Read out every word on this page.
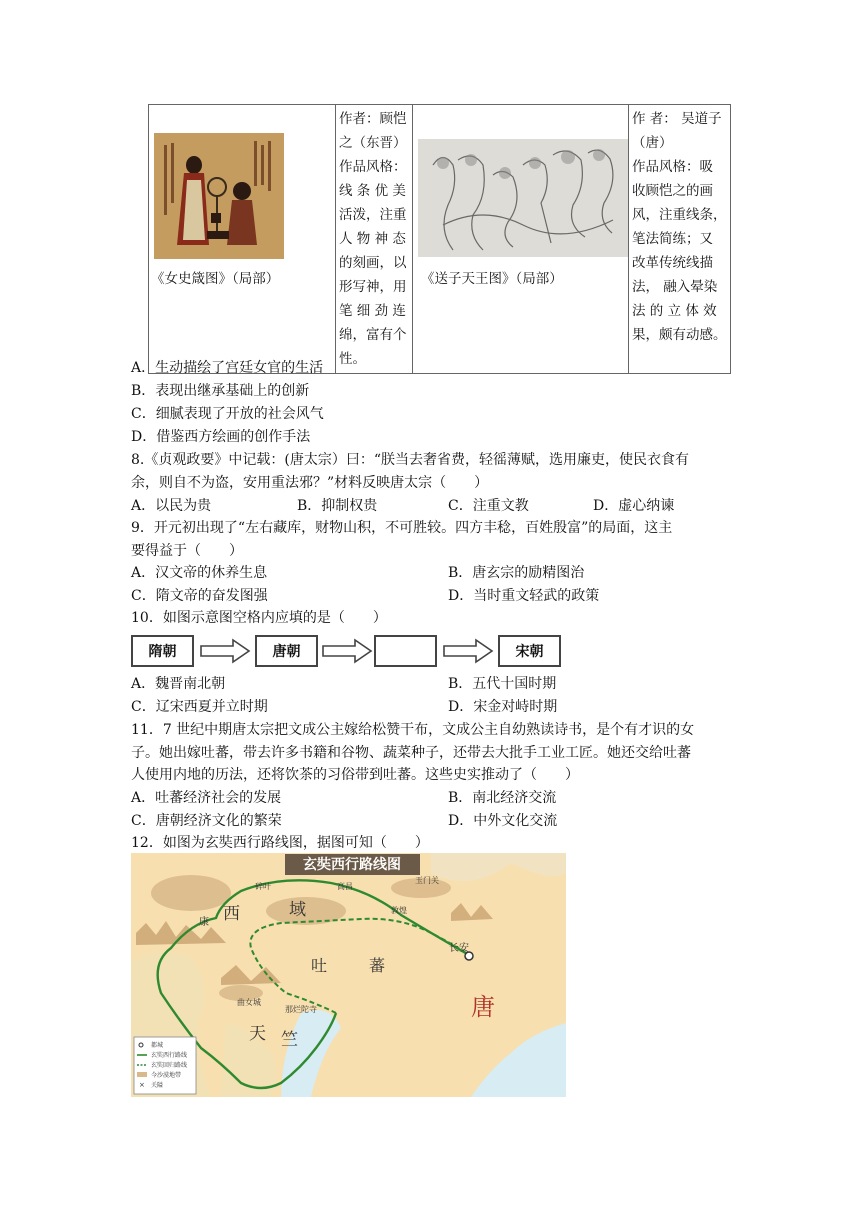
《女史箴图》（局部）

作者：顾恺
之（东晋）
作品风格：
线 条 优 美
活泼，注重
人 物 神 态
的刻画，以
形写神，用
笔 细 劲 连
绵，富有个
性。

《送子天王图》（局部）

作 者： 吴道子
（唐）
作品风格：吸
收顾恺之的画
风，注重线条，
笔法简练；又
改革传统线描
法， 融入晕染
法 的 立 体 效
果，颇有动感。
A．生动描绘了宫廷女官的生活
B．表现出继承基础上的创新
C．细腻表现了开放的社会风气
D．借鉴西方绘画的创作手法
8.《贞观政要》中记载：(唐太宗）曰：“朕当去奢省费，轻徭薄赋，选用廉吏，使民衣食有
余，则自不为盗，安用重法邪？”材料反映唐太宗（　　）
A．以民为贵	B．抑制权贵	C．注重文教	D．虚心纳谏
9．开元初出现了“左右藏库，财物山积，不可胜较。四方丰稔，百姓殷富”的局面，这主
要得益于（　　）
A．汉文帝的休养生息	B．唐玄宗的励精图治
C．隋文帝的奋发图强	D．当时重文轻武的政策
10．如图示意图空格内应填的是（　　）
隋朝	唐朝	宋朝
A．魏晋南北朝	B．五代十国时期
C．辽宋西夏并立时期	D．宋金对峙时期
11．7 世纪中期唐太宗把文成公主嫁给松赞干布，文成公主自幼熟读诗书，是个有才识的女
子。她出嫁吐蕃，带去许多书籍和谷物、蔬菜种子，还带去大批手工业工匠。她还交给吐蕃
人使用内地的历法，还将饮茶的习俗带到吐蕃。这些史实推动了（　　）
A．吐蕃经济社会的发展	B．南北经济交流
C．唐朝经济文化的繁荣	D．中外文化交流
12．如图为玄奘西行路线图，据图可知（　　）
玄奘西行路线图
西	域
吐	蕃
唐
天 竺
长安
玉门关
高昌
敦煌
碎叶
康
曲女城
那烂陀寺
都城
玄奘西行路线
玄奘回归路线
今沙漠地带
× 关隘
